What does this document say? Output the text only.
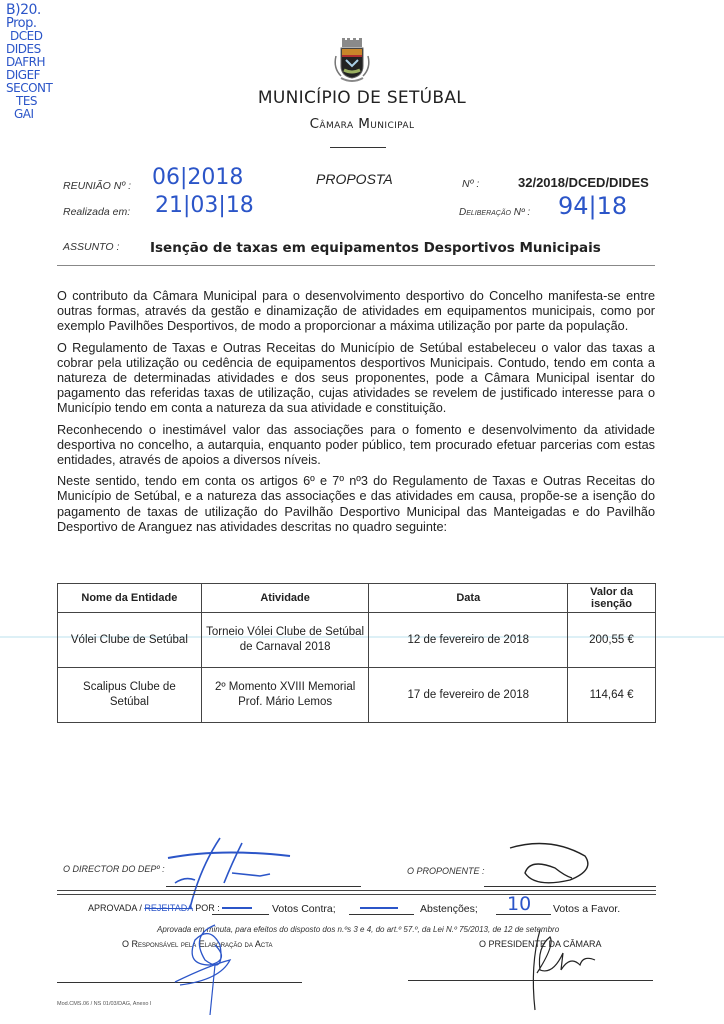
B)20.
Prop.
DCED
DIDES
DAFRH
DIGEF
SECONT
TES
GAI
MUNICÍPIO DE SETÚBAL
Câmara Municipal
REUNIÃO Nº : 06|2018
Realizada em: 21|03|18
PROPOSTA	Nº :	32/2018/DCED/DIDES
Deliberação Nº : 94|18
ASSUNTO : Isenção de taxas em equipamentos Desportivos Municipais

O contributo da Câmara Municipal para o desenvolvimento desportivo do Concelho manifesta-se entre outras formas, através da gestão e dinamização de atividades em equipamentos municipais, como por exemplo Pavilhões Desportivos, de modo a proporcionar a máxima utilização por parte da população.

O Regulamento de Taxas e Outras Receitas do Município de Setúbal estabeleceu o valor das taxas a cobrar pela utilização ou cedência de equipamentos desportivos Municipais. Contudo, tendo em conta a natureza de determinadas atividades e dos seus proponentes, pode a Câmara Municipal isentar do pagamento das referidas taxas de utilização, cujas atividades se revelem de justificado interesse para o Município tendo em conta a natureza da sua atividade e constituição.

Reconhecendo o inestimável valor das associações para o fomento e desenvolvimento da atividade desportiva no concelho, a autarquia, enquanto poder público, tem procurado efetuar parcerias com estas entidades, através de apoios a diversos níveis.

Neste sentido, tendo em conta os artigos 6º e 7º nº3 do Regulamento de Taxas e Outras Receitas do Município de Setúbal, e a natureza das associações e das atividades em causa, propõe-se a isenção do pagamento de taxas de utilização do Pavilhão Desportivo Municipal das Manteigadas e do Pavilhão Desportivo de Aranguez nas atividades descritas no quadro seguinte:

Nome da Entidade	Atividade	Data	Valor da isenção
Vólei Clube de Setúbal	Torneio Vólei Clube de Setúbal de Carnaval 2018	12 de fevereiro de 2018	200,55 €
Scalipus Clube de Setúbal	2º Momento XVIII Memorial Prof. Mário Lemos	17 de fevereiro de 2018	114,64 €
O DIRECTOR DO DEPº :	O PROPONENTE :
APROVADA / REJEITADA POR :	Votos Contra;	Abstenções; 10 Votos a Favor.
Aprovada em minuta, para efeitos do disposto dos n.ºs 3 e 4, do art.º 57.º, da Lei N.º 75/2013, de 12 de setembro
O Responsável pela Elaboração da Acta	O PRESIDENTE DA CÂMARA
Mod.CMS.06 / NS 01/03/DAG, Anexo I
